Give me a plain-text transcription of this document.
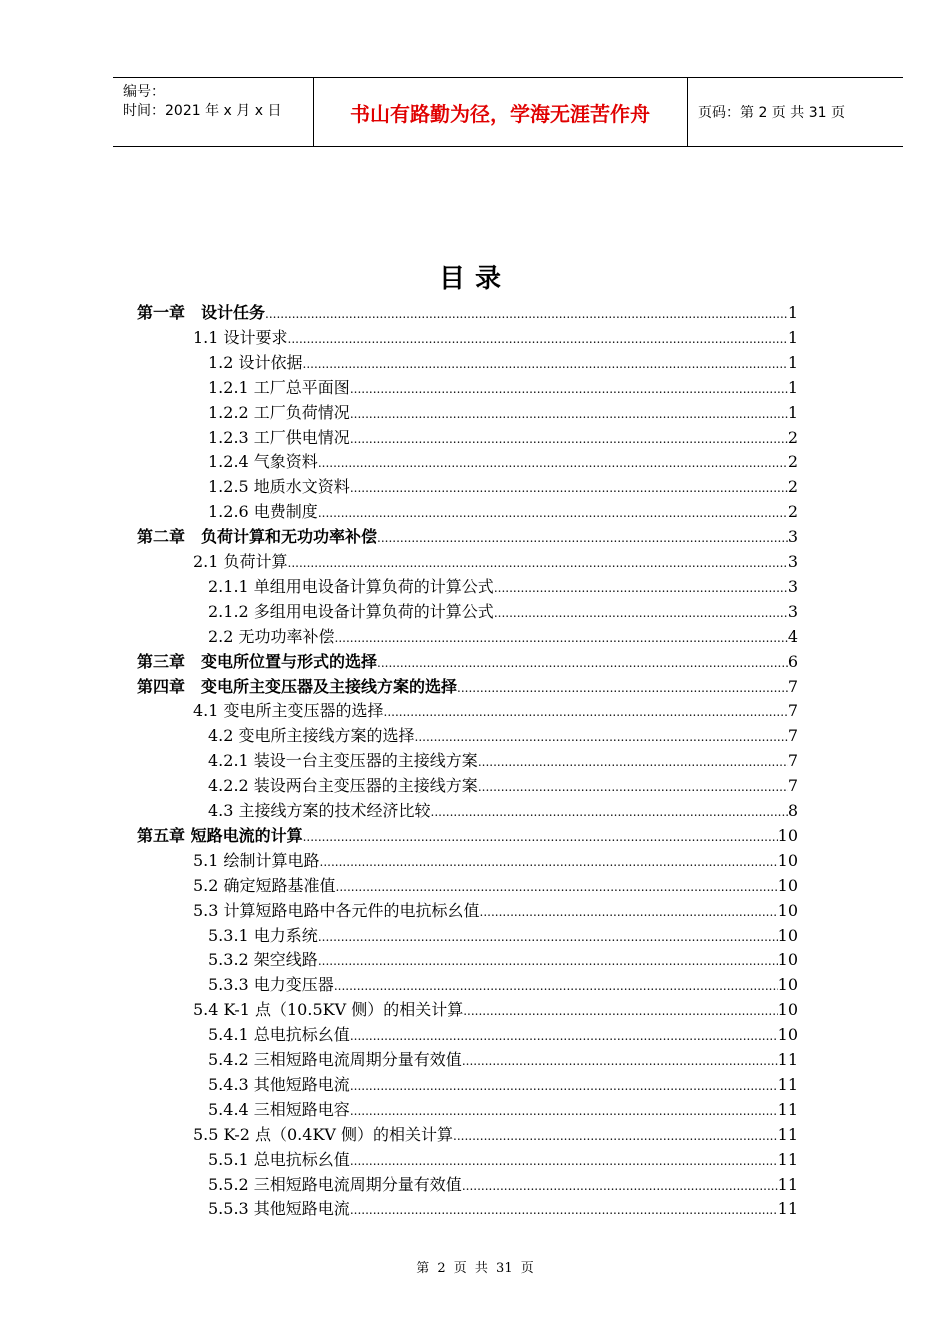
编号：
时间：2021 年 x 月 x 日	书山有路勤为径，学海无涯苦作舟	页码：第 2 页 共 31 页
目录
第一章　设计任务 .....	1
1.1 设计要求 .....	1
1.2 设计依据 .....	1
1.2.1 工厂总平面图 .....	1
1.2.2 工厂负荷情况 .....	1
1.2.3 工厂供电情况 .....	2
1.2.4 气象资料 .....	2
1.2.5 地质水文资料 .....	2
1.2.6 电费制度 .....	2
第二章　负荷计算和无功功率补偿 .....	3
2.1 负荷计算 .....	3
2.1.1 单组用电设备计算负荷的计算公式 .....	3
2.1.2 多组用电设备计算负荷的计算公式 .....	3
2.2 无功功率补偿 .....	4
第三章　变电所位置与形式的选择 .....	6
第四章　变电所主变压器及主接线方案的选择 .....	7
4.1 变电所主变压器的选择 .....	7
4.2 变电所主接线方案的选择 .....	7
4.2.1 装设一台主变压器的主接线方案 .....	7
4.2.2 装设两台主变压器的主接线方案 .....	7
4.3 主接线方案的技术经济比较 .....	8
第五章 短路电流的计算 .....	10
5.1 绘制计算电路 .....	10
5.2 确定短路基准值 .....	10
5.3 计算短路电路中各元件的电抗标幺值 .....	10
5.3.1 电力系统 .....	10
5.3.2 架空线路 .....	10
5.3.3 电力变压器 .....	10
5.4 K-1 点（10.5KV 侧）的相关计算 .....	10
5.4.1 总电抗标幺值 .....	10
5.4.2 三相短路电流周期分量有效值 .....	11
5.4.3 其他短路电流 .....	11
5.4.4 三相短路电容 .....	11
5.5 K-2 点（0.4KV 侧）的相关计算 .....	11
5.5.1 总电抗标幺值 .....	11
5.5.2 三相短路电流周期分量有效值 .....	11
5.5.3 其他短路电流 .....	11
第 2 页 共 31 页
